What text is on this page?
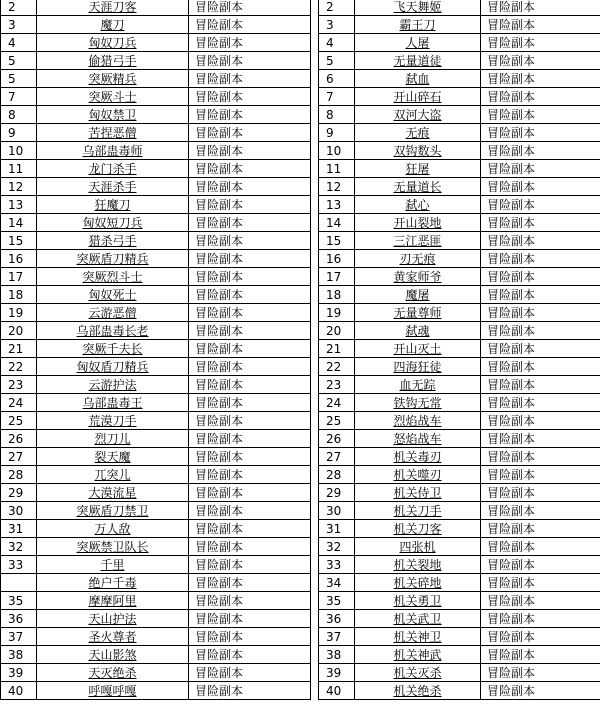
2	天涯刀客	冒险副本		2	飞天舞姬	冒险副本
3	魔刀	冒险副本		3	霸王刀	冒险副本
4	匈奴刀兵	冒险副本		4	人屠	冒险副本
5	偷猎弓手	冒险副本		5	无量道徒	冒险副本
5	突厥精兵	冒险副本		6	弑血	冒险副本
7	突厥斗士	冒险副本		7	开山碎石	冒险副本
8	匈奴禁卫	冒险副本		8	双河大盗	冒险副本
9	苦捏恶僧	冒险副本		9	无痕	冒险副本
10	乌部蛊毒师	冒险副本		10	双钩数头	冒险副本
11	龙门杀手	冒险副本		11	狂屠	冒险副本
12	天涯杀手	冒险副本		12	无量道长	冒险副本
13	狂魔刀	冒险副本		13	弑心	冒险副本
14	匈奴短刀兵	冒险副本		14	开山裂地	冒险副本
15	猎杀弓手	冒险副本		15	三江恶匪	冒险副本
16	突厥盾刀精兵	冒险副本		16	刃无痕	冒险副本
17	突厥烈斗士	冒险副本		17	黄家师爷	冒险副本
18	匈奴死士	冒险副本		18	魔屠	冒险副本
19	云游恶僧	冒险副本		19	无量尊师	冒险副本
20	乌部蛊毒长老	冒险副本		20	弑魂	冒险副本
21	突厥千夫长	冒险副本		21	开山灭土	冒险副本
22	匈奴盾刀精兵	冒险副本		22	四海狂徒	冒险副本
23	云游护法	冒险副本		23	血无踪	冒险副本
24	乌部蛊毒王	冒险副本		24	铁钩无常	冒险副本
25	荒漠刀手	冒险副本		25	烈焰战车	冒险副本
26	烈刀儿	冒险副本		26	怒焰战车	冒险副本
27	裂天魔	冒险副本		27	机关毒刃	冒险副本
28	兀突儿	冒险副本		28	机关噬刃	冒险副本
29	大漠流星	冒险副本		29	机关侍卫	冒险副本
30	突厥盾刀禁卫	冒险副本		30	机关刀手	冒险副本
31	万人敌	冒险副本		31	机关刀客	冒险副本
32	突厥禁卫队长	冒险副本		32	四张机	冒险副本
33	千里	冒险副本		33	机关裂地	冒险副本
	绝户千毒	冒险副本		34	机关碎地	冒险副本
35	摩摩阿里	冒险副本		35	机关勇卫	冒险副本
36	天山护法	冒险副本		36	机关武卫	冒险副本
37	圣火尊者	冒险副本		37	机关神卫	冒险副本
38	天山影煞	冒险副本		38	机关神武	冒险副本
39	天灭绝杀	冒险副本		39	机关灭杀	冒险副本
40	呼嘎呼嘎	冒险副本		40	机关绝杀	冒险副本
